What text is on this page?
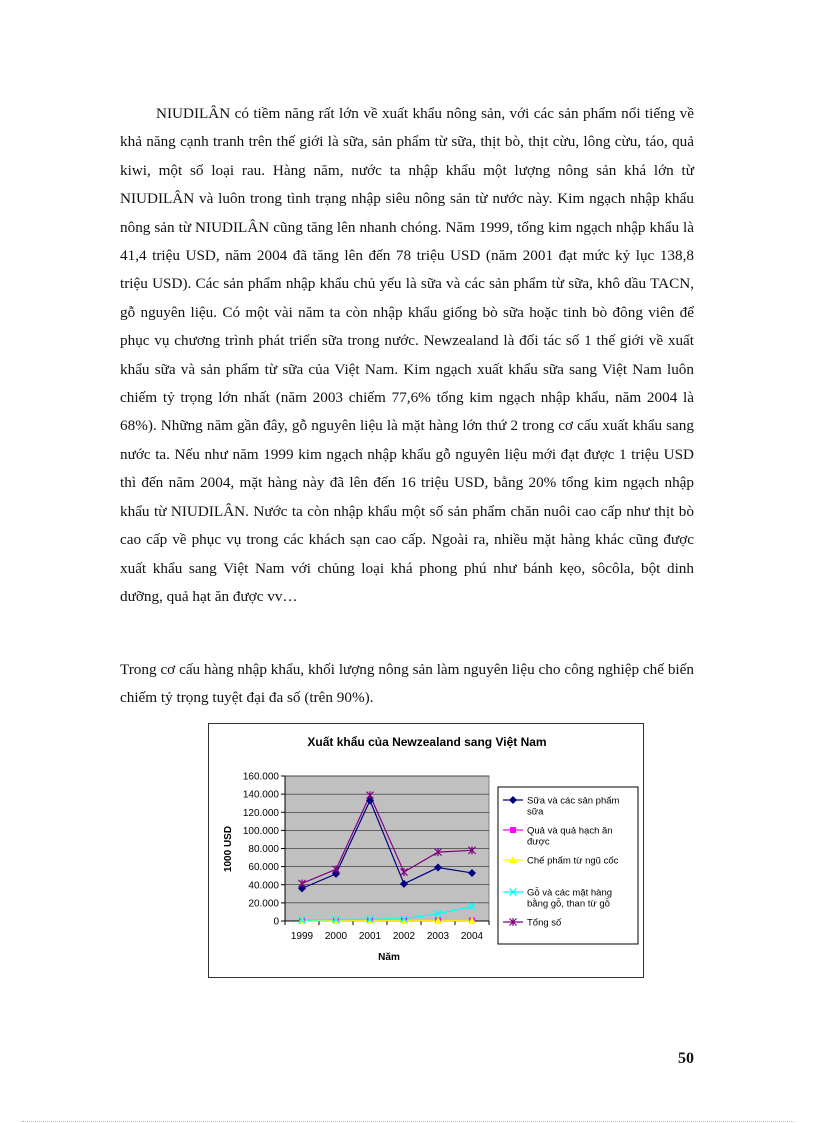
NIUDILÂN có tiềm năng rất lớn về xuất khẩu nông sản, với các sản phẩm nổi tiếng về khả năng cạnh tranh trên thế giới là sữa, sản phẩm từ sữa, thịt bò, thịt cừu, lông cừu, táo, quả kiwi, một số loại rau. Hàng năm, nước ta nhập khẩu một lượng nông sản khá lớn từ NIUDILÂN và luôn trong tình trạng nhập siêu nông sản từ nước này. Kim ngạch nhập khẩu nông sản từ NIUDILÂN cũng tăng lên nhanh chóng. Năm 1999, tổng kim ngạch nhập khẩu là 41,4 triệu USD, năm 2004 đã tăng lên đến 78 triệu USD (năm 2001 đạt mức kỷ lục 138,8 triệu USD). Các sản phẩm nhập khẩu chủ yếu là sữa và các sản phẩm từ sữa, khô dầu TACN, gỗ nguyên liệu. Có một vài năm ta còn nhập khẩu giống bò sữa hoặc tinh bò đông viên để phục vụ chương trình phát triển sữa trong nước. Newzealand là đối tác số 1 thế giới về xuất khẩu sữa và sản phẩm từ sữa của Việt Nam. Kim ngạch xuất khẩu sữa sang Việt Nam luôn chiếm tỷ trọng lớn nhất (năm 2003 chiếm 77,6% tổng kim ngạch nhập khẩu, năm 2004 là 68%). Những năm gần đây, gỗ nguyên liệu là mặt hàng lớn thứ 2 trong cơ cấu xuất khẩu sang nước ta. Nếu như năm 1999 kim ngạch nhập khẩu gỗ nguyên liệu mới đạt được 1 triệu USD thì đến năm 2004, mặt hàng này đã lên đến 16 triệu USD, bằng 20% tổng kim ngạch nhập khẩu từ NIUDILÂN. Nước ta còn nhập khẩu một số sản phẩm chăn nuôi cao cấp như thịt bò cao cấp về phục vụ trong các khách sạn cao cấp. Ngoài ra, nhiều mặt hàng khác cũng được xuất khẩu sang Việt Nam với chủng loại khá phong phú như bánh kẹo, sôcôla, bột dinh dưỡng, quả hạt ăn được vv…
Trong cơ cấu hàng nhập khẩu, khối lượng nông sản làm nguyên liệu cho công nghiệp chế biến chiếm tỷ trọng tuyệt đại đa số (trên 90%).
Xuất khẩu của Newzealand sang Việt Nam
0
20.000
40.000
60.000
80.000
100.000
120.000
140.000
160.000
1999 2000 2001 2002 2003 2004
1000 USD
Năm
Sữa và các sản phẩm
sữa
Quả và quả hạch ăn
được
Chế phẩm từ ngũ cốc
Gỗ và các mặt hàng
bằng gỗ, than từ gỗ
Tổng số
50
